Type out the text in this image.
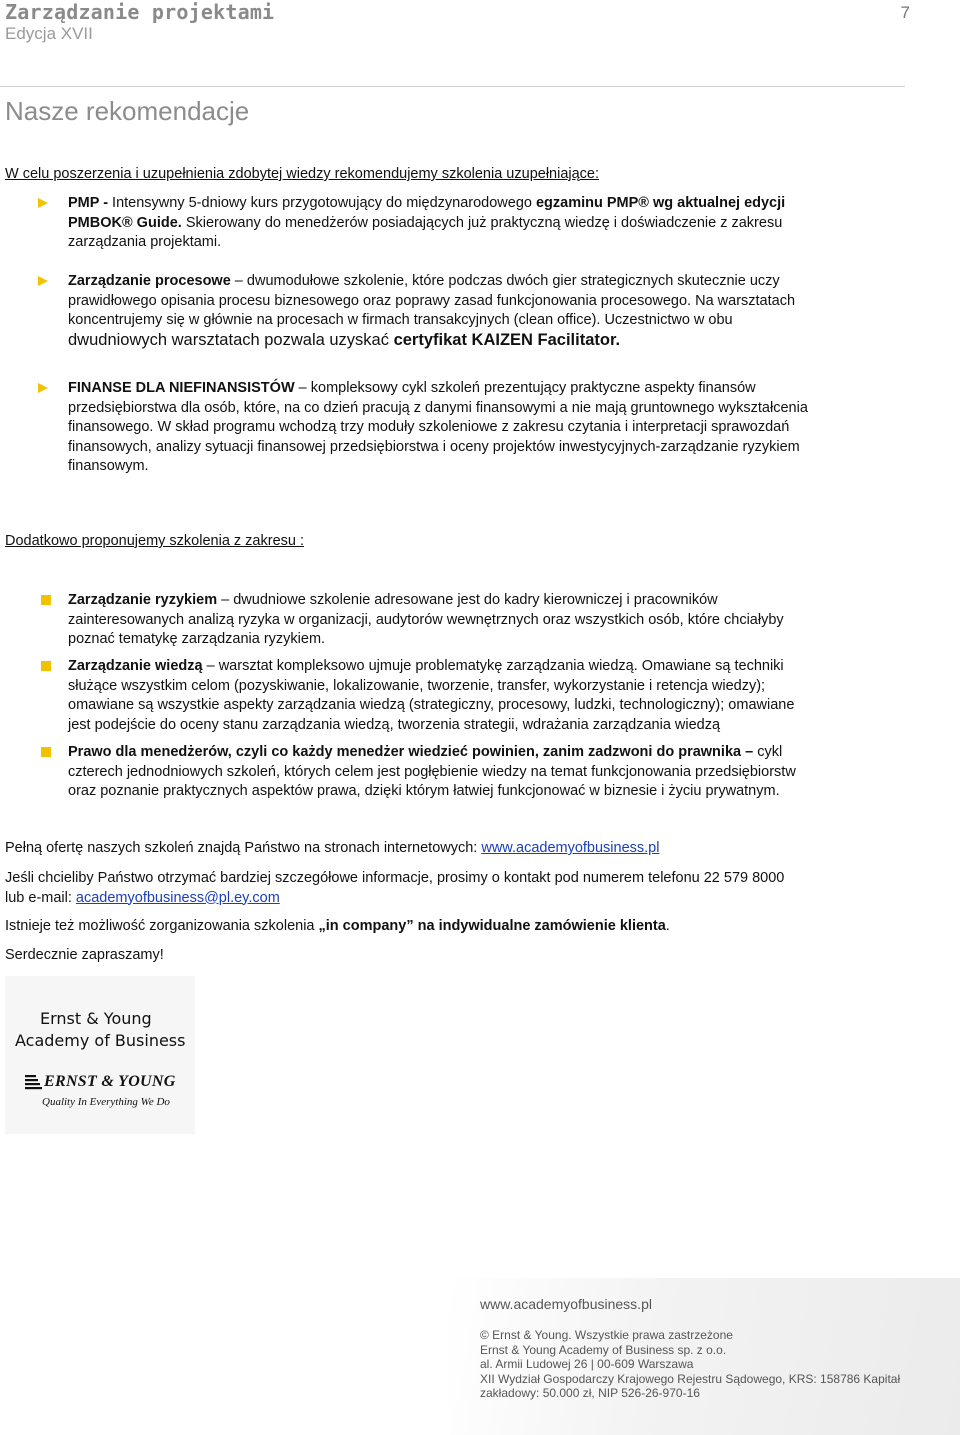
Zarządzanie projektami
Edycja XVII
7
Nasze rekomendacje
W celu poszerzenia i uzupełnienia zdobytej wiedzy rekomendujemy szkolenia uzupełniające:
PMP - Intensywny 5-dniowy kurs przygotowujący do międzynarodowego egzaminu PMP® wg aktualnej edycji
PMBOK® Guide. Skierowany do menedżerów posiadających już praktyczną wiedzę i doświadczenie z zakresu
zarządzania projektami.
Zarządzanie procesowe – dwumodułowe szkolenie, które podczas dwóch gier strategicznych skutecznie uczy
prawidłowego opisania procesu biznesowego oraz poprawy zasad funkcjonowania procesowego. Na warsztatach
koncentrujemy się w głównie na procesach w firmach transakcyjnych (clean office). Uczestnictwo w obu
dwudniowych warsztatach pozwala uzyskać certyfikat KAIZEN Facilitator.
FINANSE DLA NIEFINANSISTÓW – kompleksowy cykl szkoleń prezentujący praktyczne aspekty finansów
przedsiębiorstwa dla osób, które, na co dzień pracują z danymi finansowymi a nie mają gruntownego wykształcenia
finansowego. W skład programu wchodzą trzy moduły szkoleniowe z zakresu czytania i interpretacji sprawozdań
finansowych, analizy sytuacji finansowej przedsiębiorstwa i oceny projektów inwestycyjnych-zarządzanie ryzykiem
finansowym.
Dodatkowo proponujemy szkolenia z zakresu :
Zarządzanie ryzykiem – dwudniowe szkolenie adresowane jest do kadry kierowniczej i pracowników
zainteresowanych analizą ryzyka w organizacji, audytorów wewnętrznych oraz wszystkich osób, które chciałyby
poznać tematykę zarządzania ryzykiem.
Zarządzanie wiedzą – warsztat kompleksowo ujmuje problematykę zarządzania wiedzą. Omawiane są techniki
służące wszystkim celom (pozyskiwanie, lokalizowanie, tworzenie, transfer, wykorzystanie i retencja wiedzy);
omawiane są wszystkie aspekty zarządzania wiedzą (strategiczny, procesowy, ludzki, technologiczny); omawiane
jest podejście do oceny stanu zarządzania wiedzą, tworzenia strategii, wdrażania zarządzania wiedzą
Prawo dla menedżerów, czyli co każdy menedżer wiedzieć powinien, zanim zadzwoni do prawnika – cykl
czterech jednodniowych szkoleń, których celem jest pogłębienie wiedzy na temat funkcjonowania przedsiębiorstw
oraz poznanie praktycznych aspektów prawa, dzięki którym łatwiej funkcjonować w biznesie i życiu prywatnym.
Pełną ofertę naszych szkoleń znajdą Państwo na stronach internetowych: www.academyofbusiness.pl
Jeśli chcieliby Państwo otrzymać bardziej szczegółowe informacje, prosimy o kontakt pod numerem telefonu 22 579 8000
lub e-mail: academyofbusiness@pl.ey.com
Istnieje też możliwość zorganizowania szkolenia „in company” na indywidualne zamówienie klienta.
Serdecznie zapraszamy!
Ernst & Young
Academy of Business
ERNST & YOUNG
Quality In Everything We Do
www.academyofbusiness.pl
© Ernst & Young. Wszystkie prawa zastrzeżone
Ernst & Young Academy of Business sp. z o.o.
al. Armii Ludowej 26 | 00-609 Warszawa
XII Wydział Gospodarczy Krajowego Rejestru Sądowego, KRS: 158786 Kapitał
zakładowy: 50.000 zł, NIP 526-26-970-16
